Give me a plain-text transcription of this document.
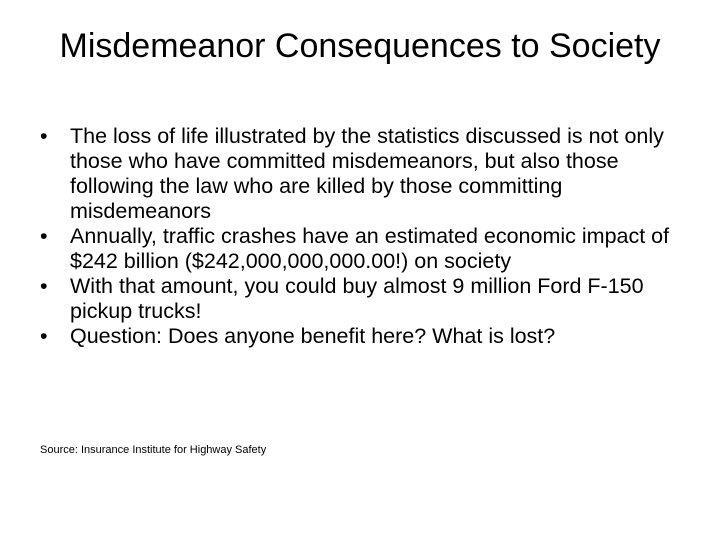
Misdemeanor Consequences to Society
• The loss of life illustrated by the statistics discussed is not only those who have committed misdemeanors, but also those following the law who are killed by those committing misdemeanors
• Annually, traffic crashes have an estimated economic impact of $242 billion ($242,000,000,000.00!) on society
• With that amount, you could buy almost 9 million Ford F-150 pickup trucks!
• Question: Does anyone benefit here? What is lost?
Source: Insurance Institute for Highway Safety
